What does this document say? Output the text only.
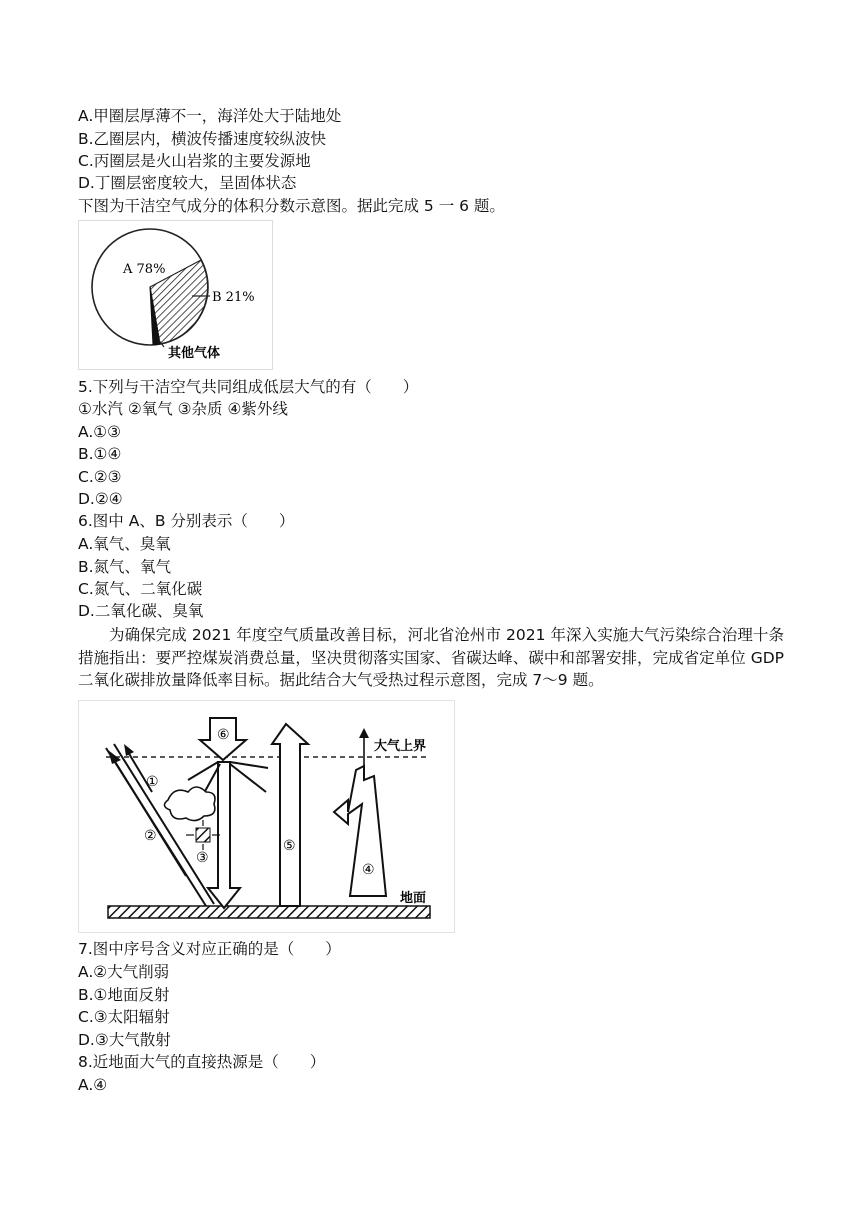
A.甲圈层厚薄不一，海洋处大于陆地处
B.乙圈层内，横波传播速度较纵波快
C.丙圈层是火山岩浆的主要发源地
D.丁圈层密度较大，呈固体状态
下图为干洁空气成分的体积分数示意图。据此完成 5 一 6 题。
A 78%
B 21%
其他气体
5.下列与干洁空气共同组成低层大气的有（　　）
①水汽 ②氧气 ③杂质 ④紫外线
A.①③
B.①④
C.②③
D.②④
6.图中 A、B 分别表示（　　）
A.氧气、臭氧
B.氮气、氧气
C.氮气、二氧化碳
D.二氧化碳、臭氧
为确保完成 2021 年度空气质量改善目标，河北省沧州市 2021 年深入实施大气污染综合治理十条措施指出：要严控煤炭消费总量，坚决贯彻落实国家、省碳达峰、碳中和部署安排，完成省定单位 GDP 二氧化碳排放量降低率目标。据此结合大气受热过程示意图，完成 7～9 题。
⑥
①
②
③
⑤
④
大气上界
地面
7.图中序号含义对应正确的是（　　）
A.②大气削弱
B.①地面反射
C.③太阳辐射
D.③大气散射
8.近地面大气的直接热源是（　　）
A.④
